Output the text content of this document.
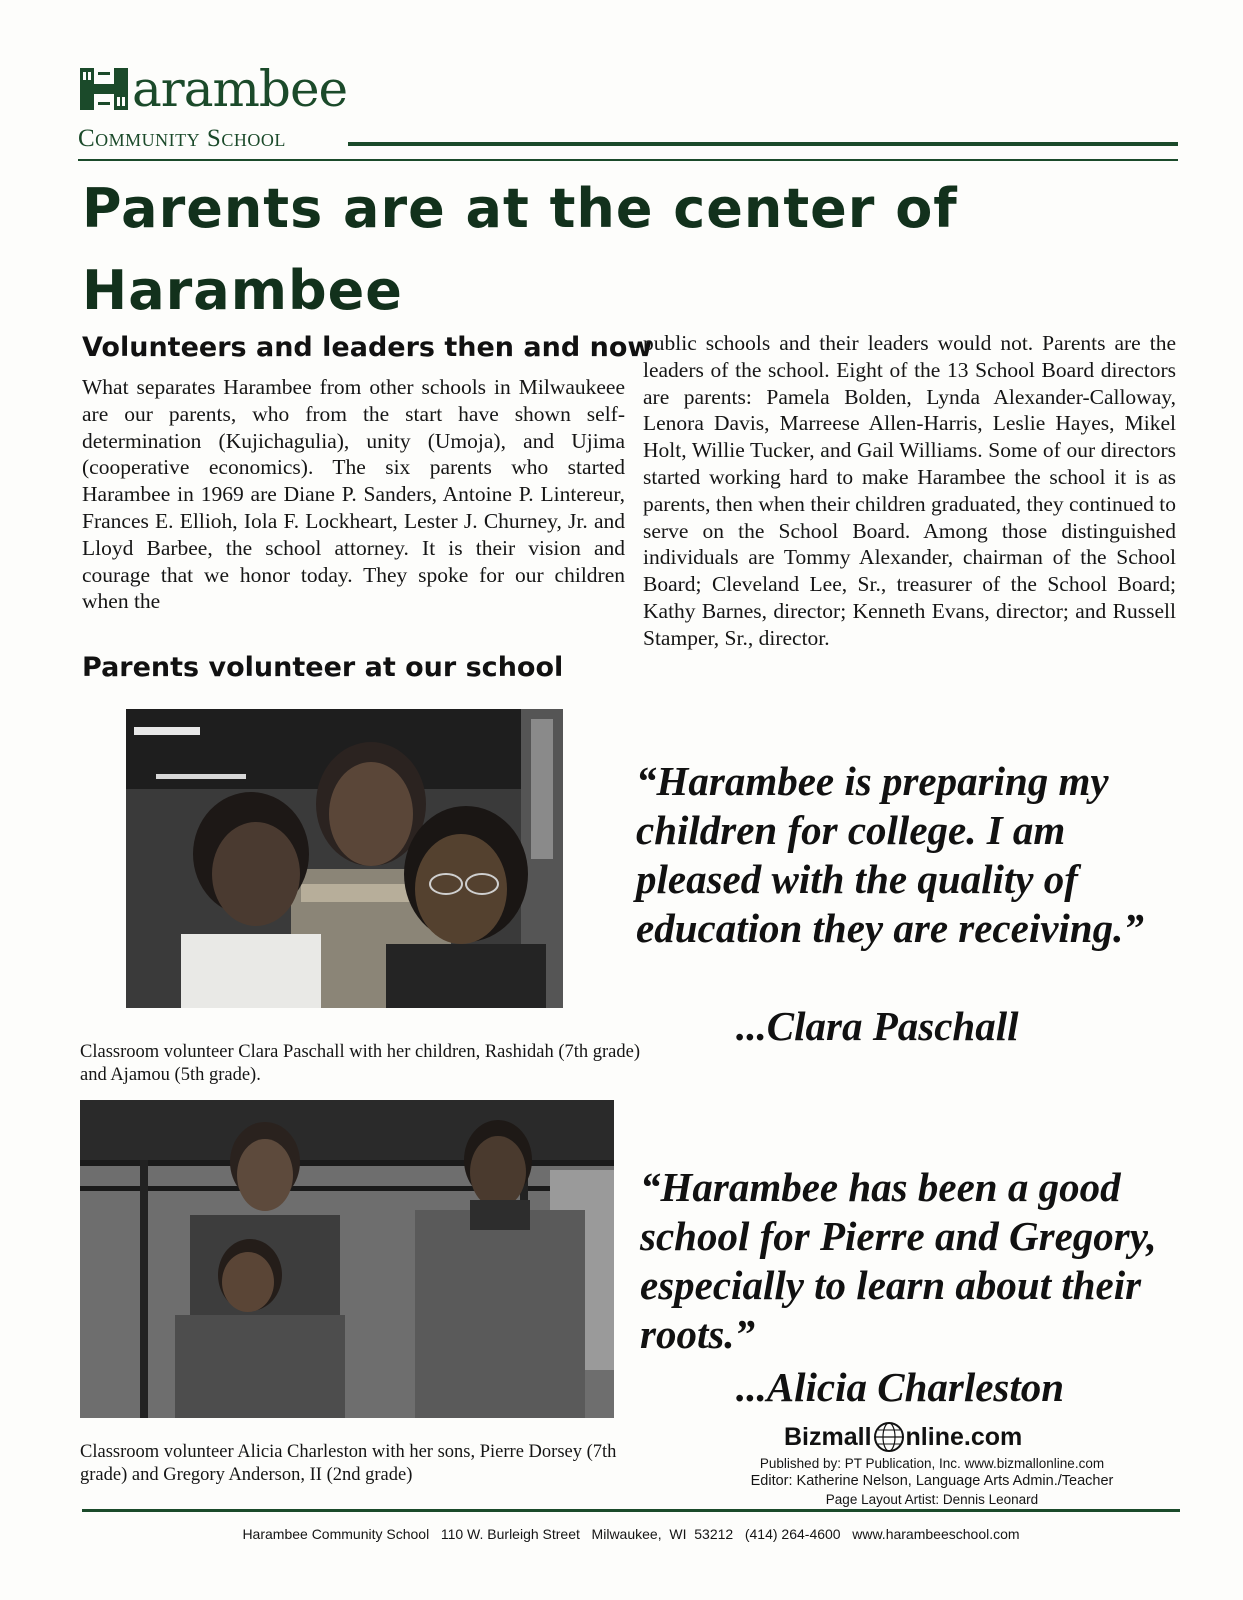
arambee
Community School
Parents are at the center of Harambee
Volunteers and leaders then and now
Parents volunteer at our school

What separates Harambee from other schools in Milwaukeee are our parents, who from the start have shown self-determination (Kujichagulia), unity (Umoja), and Ujima (cooperative economics). The six parents who started Harambee in 1969 are Diane P. Sanders, Antoine P. Lintereur, Frances E. Ellioh, Iola F. Lockheart, Lester J. Churney, Jr. and Lloyd Barbee, the school attorney. It is their vision and courage that we honor today. They spoke for our children when the

public schools and their leaders would not. Parents are the leaders of the school. Eight of the 13 School Board directors are parents: Pamela Bolden, Lynda Alexander-Calloway, Lenora Davis, Marreese Allen-Harris, Leslie Hayes, Mikel Holt, Willie Tucker, and Gail Williams. Some of our directors started working hard to make Harambee the school it is as parents, then when their children graduated, they continued to serve on the School Board. Among those distinguished individuals are Tommy Alexander, chairman of the School Board; Cleveland Lee, Sr., treasurer of the School Board; Kathy Barnes, director; Kenneth Evans, director; and Russell Stamper, Sr., director.

Classroom volunteer Clara Paschall with her children, Rashidah (7th grade) and Ajamou (5th grade).

Classroom volunteer Alicia Charleston with her sons, Pierre Dorsey (7th grade) and Gregory Anderson, II (2nd grade)

“Harambee is preparing my children for college. I am pleased with the quality of education they are receiving.”
...Clara Paschall
“Harambee has been a good school for Pierre and Gregory, especially to learn about their roots.”
...Alicia Charleston
Bizmall nline.com
Published by: PT Publication, Inc. www.bizmallonline.com
Editor: Katherine Nelson, Language Arts Admin./Teacher
Page Layout Artist: Dennis Leonard
Harambee Community School   110 W. Burleigh Street   Milwaukee,  WI  53212   (414) 264-4600   www.harambeeschool.com
